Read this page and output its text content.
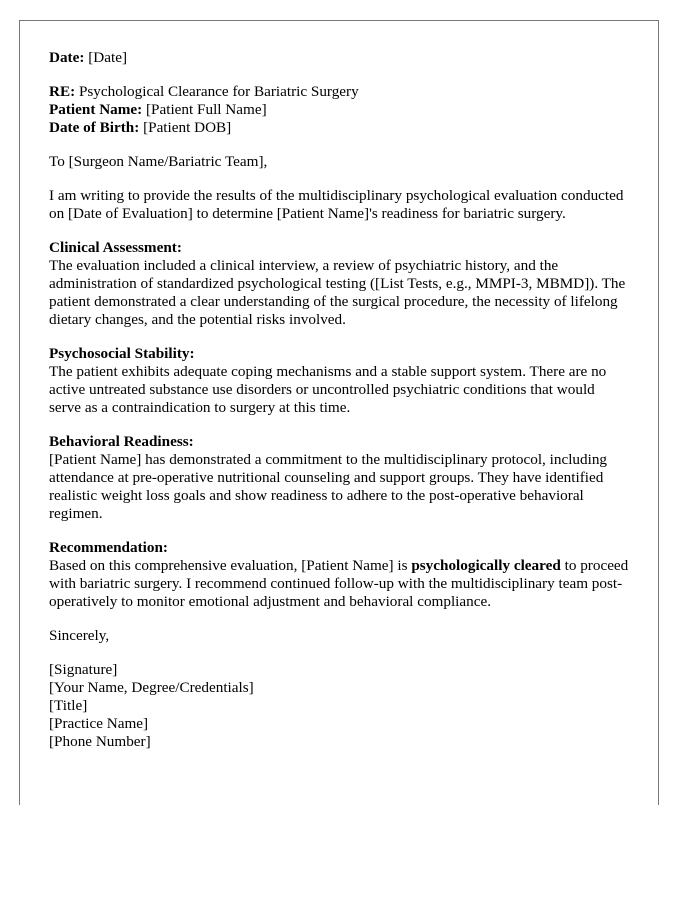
Date: [Date]

RE: Psychological Clearance for Bariatric Surgery

Patient Name: [Patient Full Name]

Date of Birth: [Patient DOB]

To [Surgeon Name/Bariatric Team],

I am writing to provide the results of the multidisciplinary psychological evaluation conducted on [Date of Evaluation] to determine [Patient Name]'s readiness for bariatric surgery.

Clinical Assessment:

The evaluation included a clinical interview, a review of psychiatric history, and the administration of standardized psychological testing ([List Tests, e.g., MMPI-3, MBMD]). The patient demonstrated a clear understanding of the surgical procedure, the necessity of lifelong dietary changes, and the potential risks involved.

Psychosocial Stability:

The patient exhibits adequate coping mechanisms and a stable support system. There are no active untreated substance use disorders or uncontrolled psychiatric conditions that would serve as a contraindication to surgery at this time.

Behavioral Readiness:

[Patient Name] has demonstrated a commitment to the multidisciplinary protocol, including attendance at pre-operative nutritional counseling and support groups. They have identified realistic weight loss goals and show readiness to adhere to the post-operative behavioral regimen.

Recommendation:

Based on this comprehensive evaluation, [Patient Name] is psychologically cleared to proceed with bariatric surgery. I recommend continued follow-up with the multidisciplinary team post-operatively to monitor emotional adjustment and behavioral compliance.

Sincerely,

[Signature]

[Your Name, Degree/Credentials]

[Title]

[Practice Name]

[Phone Number]
